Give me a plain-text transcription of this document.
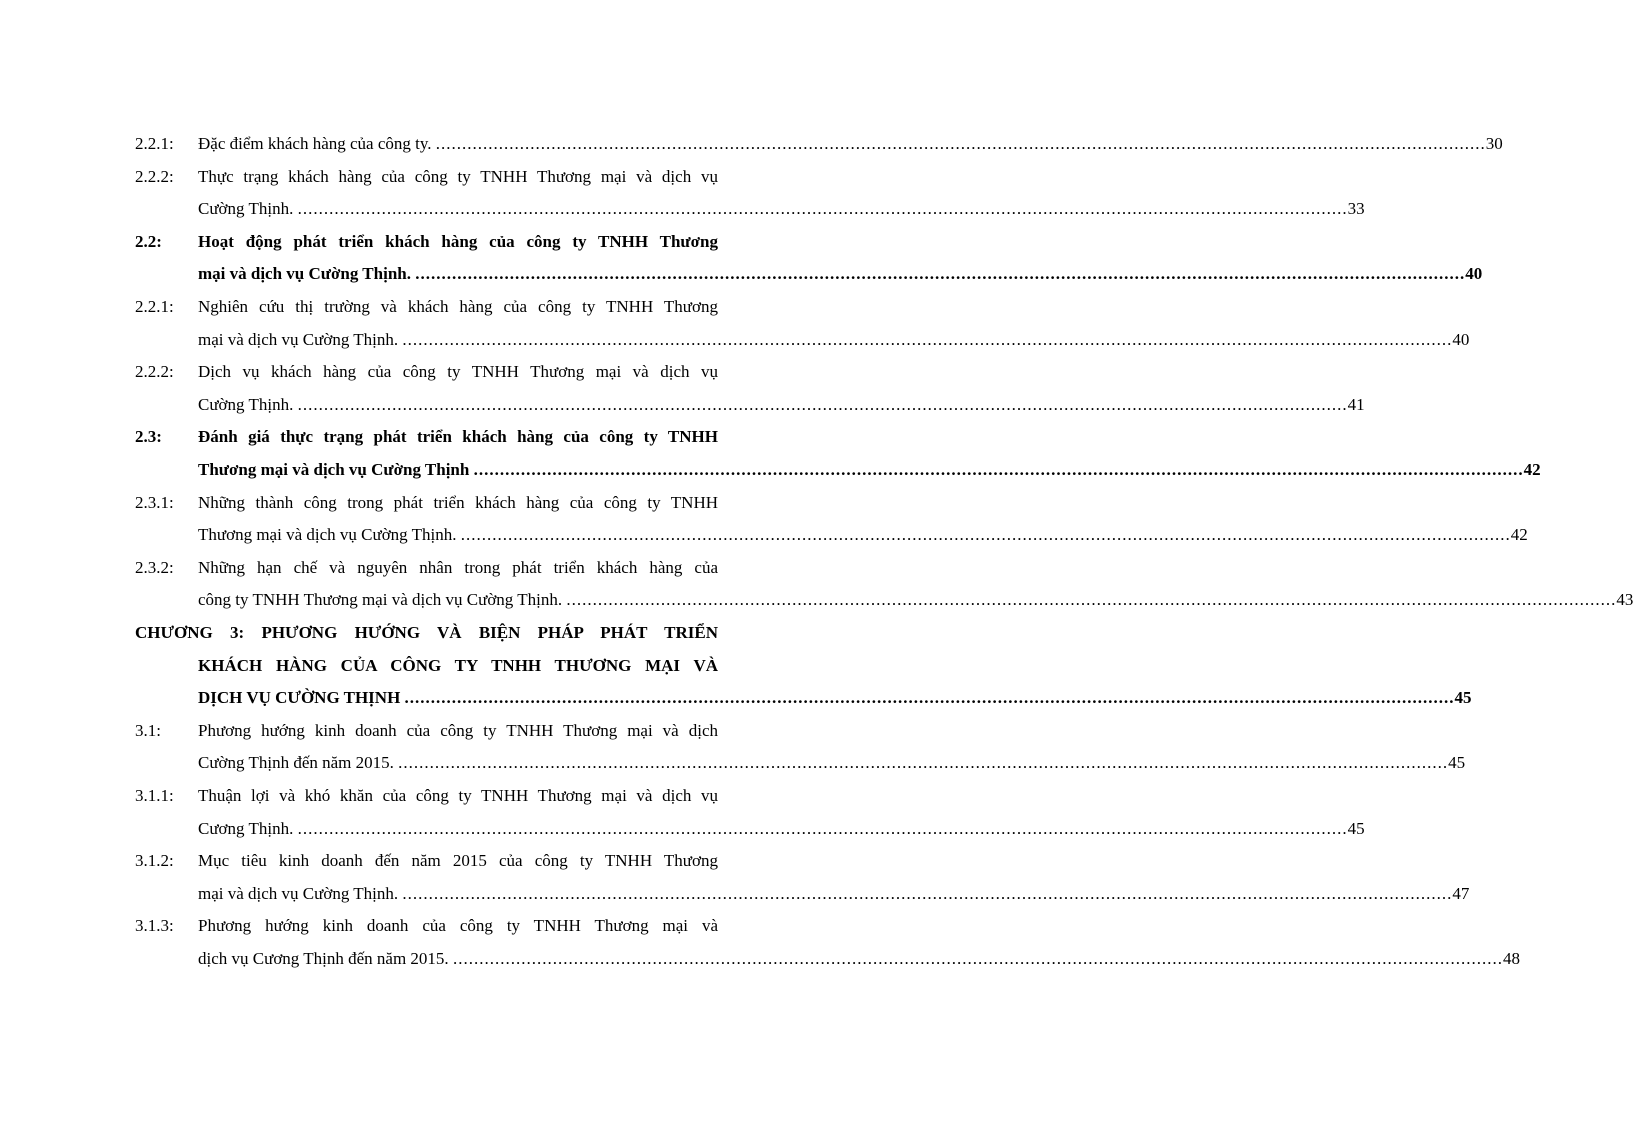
2.2.1: Đặc điểm khách hàng của công ty. ........................................................................................................................................................................................................ 30
2.2.2: Thực trạng khách hàng của công ty TNHH Thương mại và dịch vụ
Cường Thịnh. ........................................................................................................................................................................................................ 33
2.2: Hoạt động phát triển khách hàng của công ty TNHH Thương
mại và dịch vụ Cường Thịnh. ........................................................................................................................................................................................................ 40
2.2.1: Nghiên cứu thị trường và khách hàng của công ty TNHH Thương
mại và dịch vụ Cường Thịnh. ........................................................................................................................................................................................................ 40
2.2.2: Dịch vụ khách hàng của công ty TNHH Thương mại và dịch vụ
Cường Thịnh. ........................................................................................................................................................................................................ 41
2.3: Đánh giá thực trạng phát triển khách hàng của công ty TNHH
Thương mại và dịch vụ Cường Thịnh ........................................................................................................................................................................................................ 42
2.3.1: Những thành công trong phát triển khách hàng của công ty TNHH
Thương mại và dịch vụ Cường Thịnh. ........................................................................................................................................................................................................ 42
2.3.2: Những hạn chế và nguyên nhân trong phát triển khách hàng của
công ty TNHH Thương mại và dịch vụ Cường Thịnh. ........................................................................................................................................................................................................ 43
CHƯƠNG 3: PHƯƠNG HƯỚNG VÀ BIỆN PHÁP PHÁT TRIỂN
KHÁCH HÀNG CỦA CÔNG TY TNHH THƯƠNG MẠI VÀ
DỊCH VỤ CƯỜNG THỊNH ........................................................................................................................................................................................................ 45
3.1: Phương hướng kinh doanh của công ty TNHH Thương mại và dịch
Cường Thịnh đến năm 2015. ........................................................................................................................................................................................................ 45
3.1.1: Thuận lợi và khó khăn của công ty TNHH Thương mại và dịch vụ
Cương Thịnh. ........................................................................................................................................................................................................ 45
3.1.2: Mục tiêu kinh doanh đến năm 2015 của công ty TNHH Thương
mại và dịch vụ Cường Thịnh. ........................................................................................................................................................................................................ 47
3.1.3: Phương hướng kinh doanh của công ty TNHH Thương mại và
dịch vụ Cương Thịnh đến năm 2015. ........................................................................................................................................................................................................ 48
